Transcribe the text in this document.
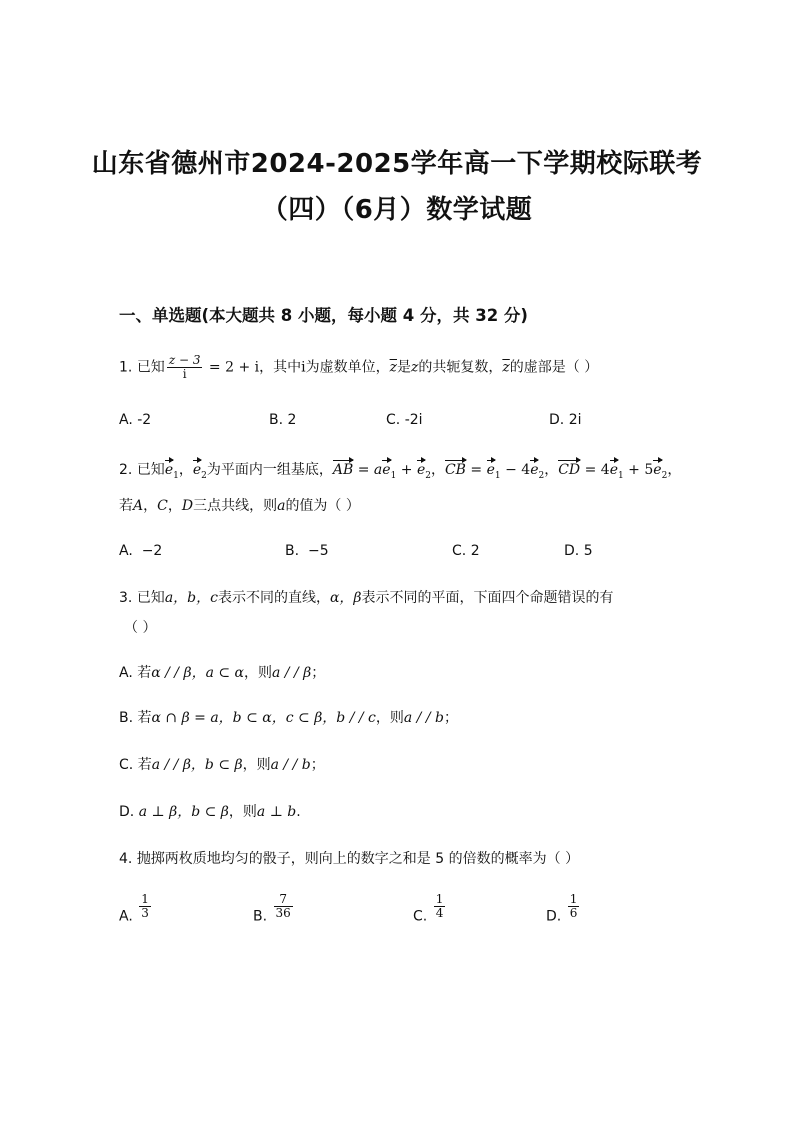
山东省德州市2024-2025学年高一下学期校际联考
（四）（6月）数学试题
一、单选题(本大题共 8 小题，每小题 4 分，共 32 分)
1. 已知 $\frac{z - 3}{i} = 2 + i$，其中i为虚数单位，$\overline{z}$是z的共轭复数，$\overline{z}$的虚部是（ ）
A. -2	B. 2	C. -2i	D. 2i
2. 已知$e_1$，$e_2$为平面内一组基底，AB = $ae_1 + e_2$，CB = $e_1 - 4e_2$，CD = $4e_1 + 5e_2$，
若A，C，D三点共线，则a的值为（ ）
A. −2	B. −5	C. 2	D. 5
3. 已知a，b，c表示不同的直线，α，β表示不同的平面，下面四个命题错误的有
（ ）
A. 若α / / β，a ⊂ α，则a / / β；
B. 若α ∩ β = a，b ⊂ α，c ⊂ β，b / / c，则a / / b；
C. 若a / / β，b ⊂ β，则a / / b；
D. a ⊥ β，b ⊂ β，则a ⊥ b.
4. 抛掷两枚质地均匀的骰子，则向上的数字之和是 5 的倍数的概率为（ ）
A. $\frac{1}{3}$	B. $\frac{7}{36}$	C. $\frac{1}{4}$	D. $\frac{1}{6}$
